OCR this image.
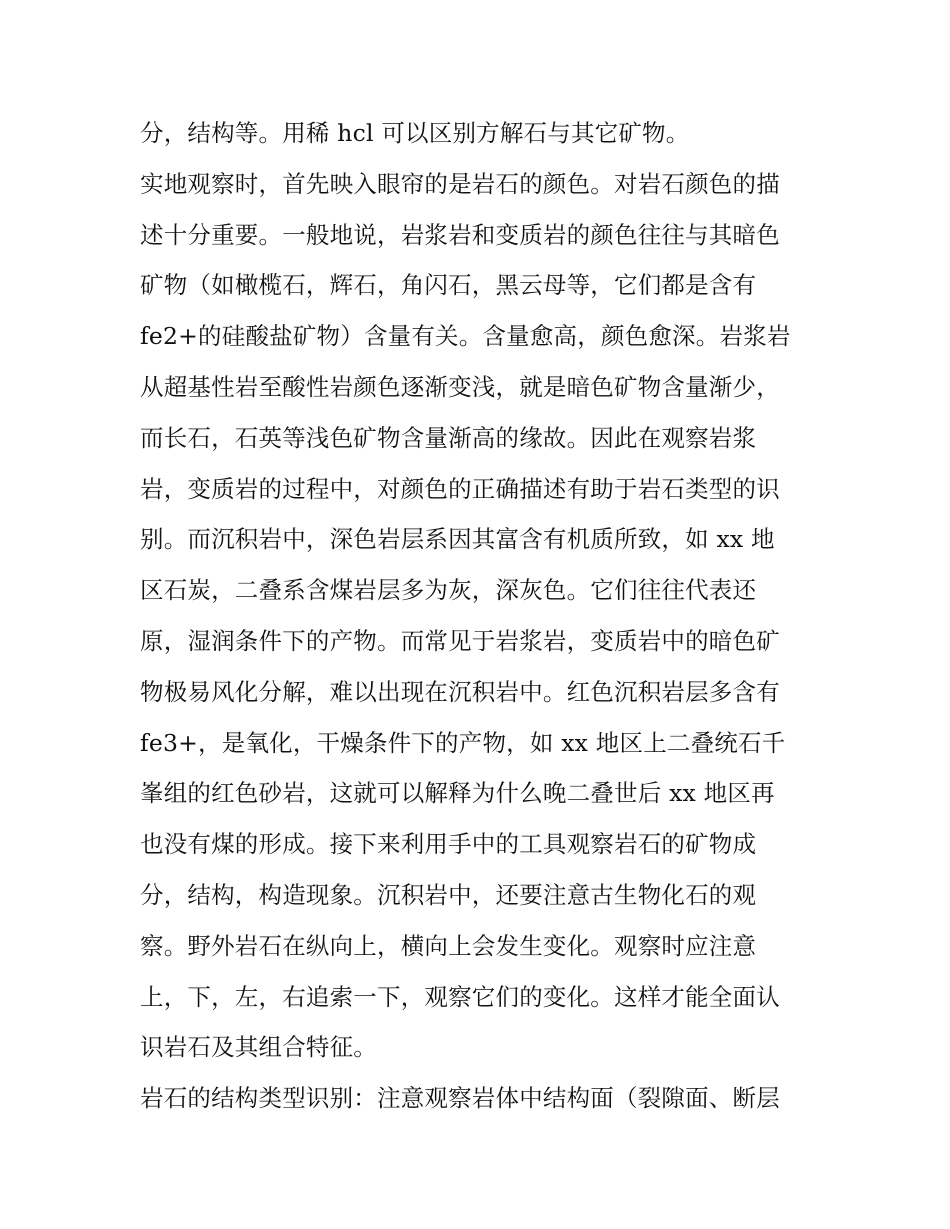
分，结构等。用稀 hcl 可以区别方解石与其它矿物。
实地观察时，首先映入眼帘的是岩石的颜色。对岩石颜色的描
述十分重要。一般地说，岩浆岩和变质岩的颜色往往与其暗色
矿物（如橄榄石，辉石，角闪石，黑云母等，它们都是含有
fe2+的硅酸盐矿物）含量有关。含量愈高，颜色愈深。岩浆岩
从超基性岩至酸性岩颜色逐渐变浅，就是暗色矿物含量渐少，
而长石，石英等浅色矿物含量渐高的缘故。因此在观察岩浆
岩，变质岩的过程中，对颜色的正确描述有助于岩石类型的识
别。而沉积岩中，深色岩层系因其富含有机质所致，如 xx 地
区石炭，二叠系含煤岩层多为灰，深灰色。它们往往代表还
原，湿润条件下的产物。而常见于岩浆岩，变质岩中的暗色矿
物极易风化分解，难以出现在沉积岩中。红色沉积岩层多含有
fe3+，是氧化，干燥条件下的产物，如 xx 地区上二叠统石千
峯组的红色砂岩，这就可以解释为什么晚二叠世后 xx 地区再
也没有煤的形成。接下来利用手中的工具观察岩石的矿物成
分，结构，构造现象。沉积岩中，还要注意古生物化石的观
察。野外岩石在纵向上，横向上会发生变化。观察时应注意
上，下，左，右追索一下，观察它们的变化。这样才能全面认
识岩石及其组合特征。
岩石的结构类型识别：注意观察岩体中结构面（裂隙面、断层
